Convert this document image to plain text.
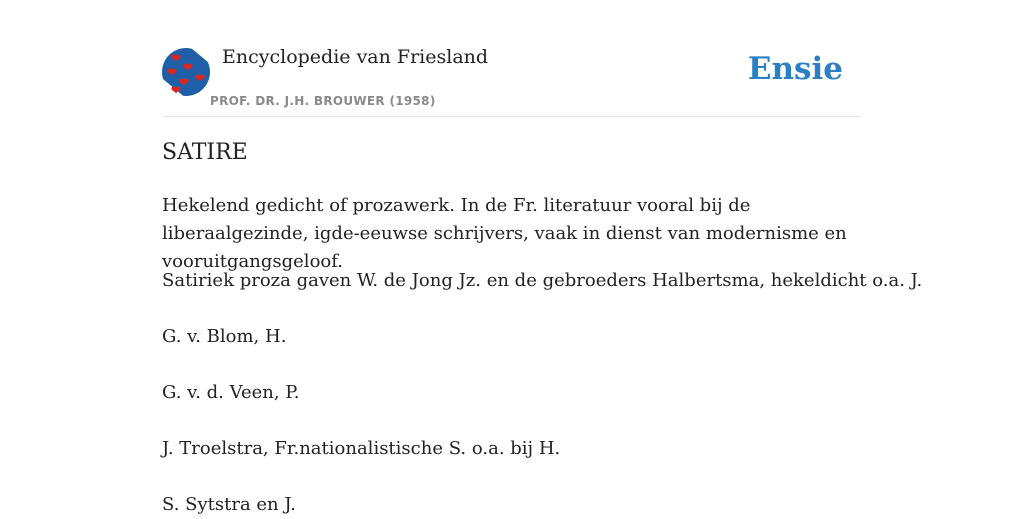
Encyclopedie van Friesland
PROF. DR. J.H. BROUWER (1958)
Ensie
SATIRE

Hekelend gedicht of prozawerk. In de Fr. literatuur vooral bij de liberaalgezinde, igde-eeuwse schrijvers, vaak in dienst van modernisme en vooruitgangsgeloof.

Satiriek proza gaven W. de Jong Jz. en de gebroeders Halbertsma, hekeldicht o.a. J.

G. v. Blom, H.

G. v. d. Veen, P.

J. Troelstra, Fr.nationalistische S. o.a. bij H.

S. Sytstra en J.
